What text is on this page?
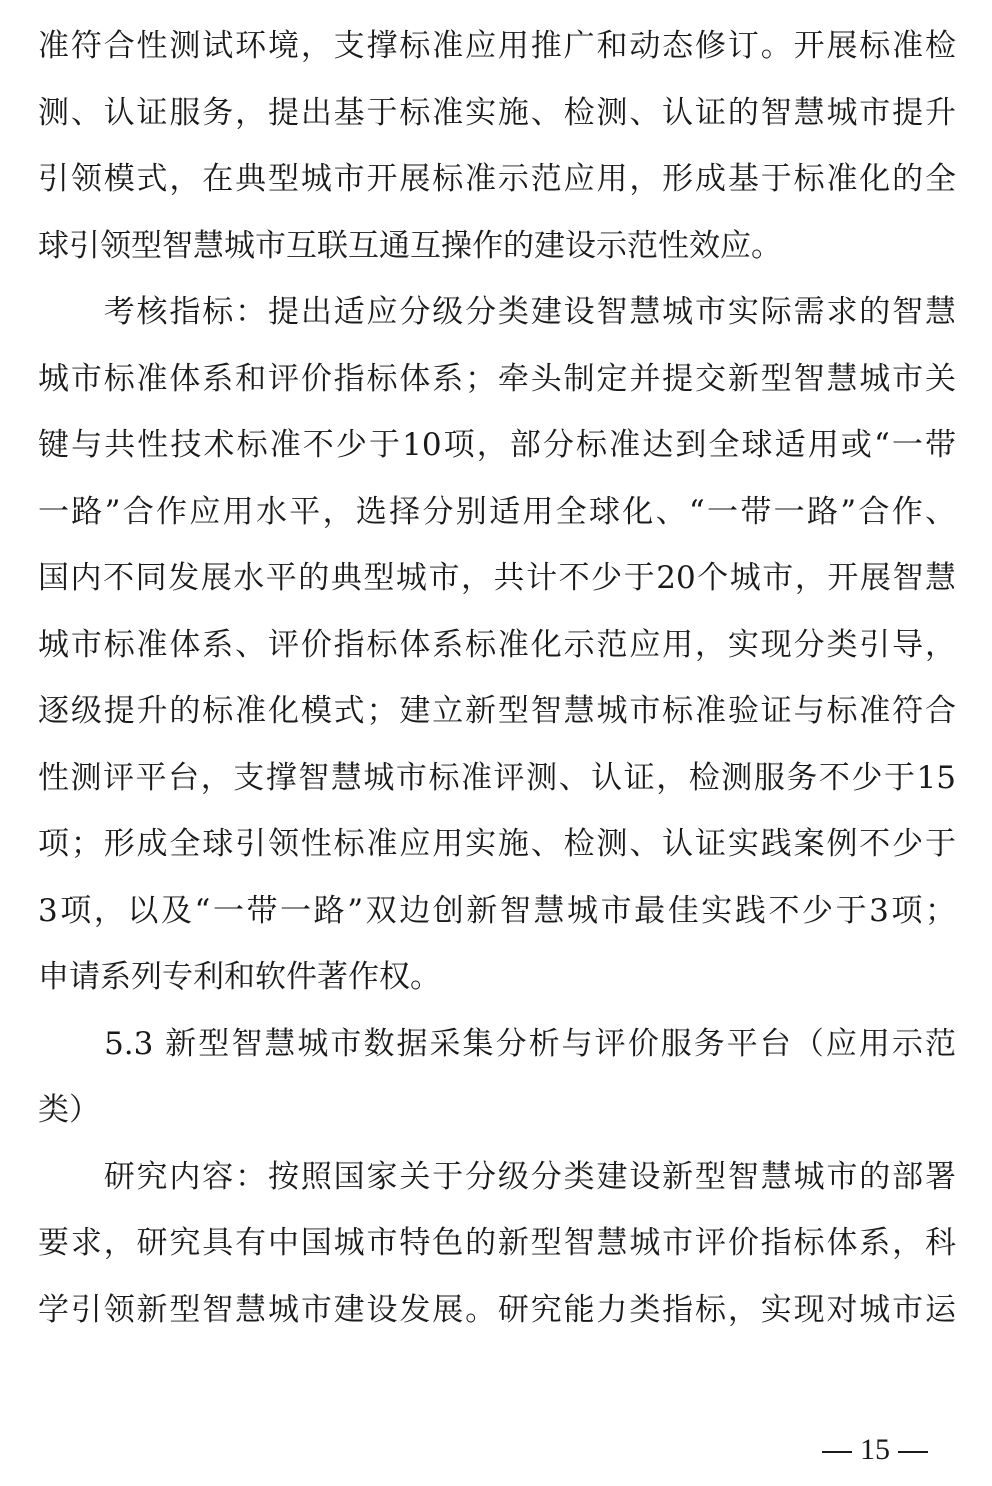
准符合性测试环境，支撑标准应用推广和动态修订。开展标准检
测、认证服务，提出基于标准实施、检测、认证的智慧城市提升
引领模式，在典型城市开展标准示范应用，形成基于标准化的全
球引领型智慧城市互联互通互操作的建设示范性效应。
　　考核指标：提出适应分级分类建设智慧城市实际需求的智慧
城市标准体系和评价指标体系；牵头制定并提交新型智慧城市关
键与共性技术标准不少于10项，部分标准达到全球适用或“一带
一路”合作应用水平，选择分别适用全球化、“一带一路”合作、
国内不同发展水平的典型城市，共计不少于20个城市，开展智慧
城市标准体系、评价指标体系标准化示范应用，实现分类引导，
逐级提升的标准化模式；建立新型智慧城市标准验证与标准符合
性测评平台，支撑智慧城市标准评测、认证，检测服务不少于15
项；形成全球引领性标准应用实施、检测、认证实践案例不少于
3项，以及“一带一路”双边创新智慧城市最佳实践不少于3项；
申请系列专利和软件著作权。
　　5.3 新型智慧城市数据采集分析与评价服务平台（应用示范
类）
　　研究内容：按照国家关于分级分类建设新型智慧城市的部署
要求，研究具有中国城市特色的新型智慧城市评价指标体系，科
学引领新型智慧城市建设发展。研究能力类指标，实现对城市运
15
